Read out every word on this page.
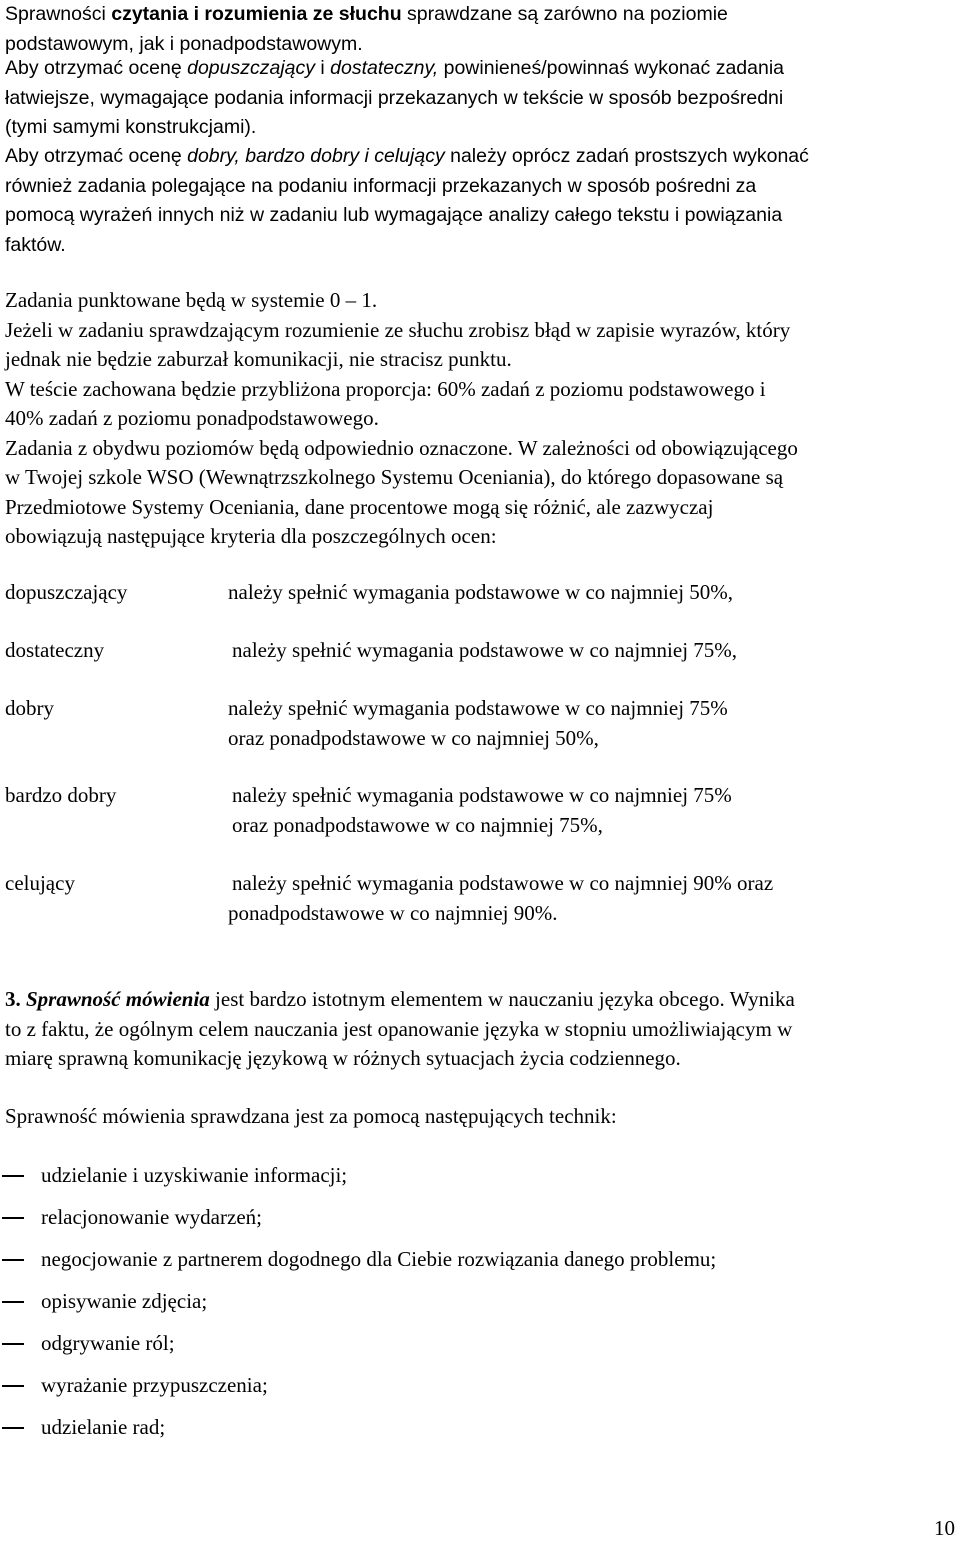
Sprawności czytania i rozumienia ze słuchu sprawdzane są zarówno na poziomie
podstawowym, jak i ponadpodstawowym.
Aby otrzymać ocenę dopuszczający i dostateczny, powinieneś/powinnaś wykonać zadania
łatwiejsze, wymagające podania informacji przekazanych w tekście w sposób bezpośredni
(tymi samymi konstrukcjami).
Aby otrzymać ocenę dobry, bardzo dobry i celujący należy oprócz zadań prostszych wykonać
również zadania polegające na podaniu informacji przekazanych w sposób pośredni za
pomocą wyrażeń innych niż w zadaniu lub wymagające analizy całego tekstu i powiązania
faktów.
Zadania punktowane będą w systemie 0 – 1.
Jeżeli w zadaniu sprawdzającym rozumienie ze słuchu zrobisz błąd w zapisie wyrazów, który
jednak nie będzie zaburzał komunikacji, nie stracisz punktu.
W teście zachowana będzie przybliżona proporcja: 60% zadań z poziomu podstawowego i
40% zadań z poziomu ponadpodstawowego.
Zadania z obydwu poziomów będą odpowiednio oznaczone. W zależności od obowiązującego
w Twojej szkole WSO (Wewnątrzszkolnego Systemu Oceniania), do którego dopasowane są
Przedmiotowe Systemy Oceniania, dane procentowe mogą się różnić, ale zazwyczaj
obowiązują następujące kryteria dla poszczególnych ocen:
dopuszczający	należy spełnić wymagania podstawowe w co najmniej 50%,
dostateczny	należy spełnić wymagania podstawowe w co najmniej 75%,
dobry	należy spełnić wymagania podstawowe w co najmniej 75%
oraz ponadpodstawowe w co najmniej 50%,
bardzo dobry	należy spełnić wymagania podstawowe w co najmniej 75%
oraz ponadpodstawowe w co najmniej 75%,
celujący	należy spełnić wymagania podstawowe w co najmniej 90% oraz
ponadpodstawowe w co najmniej 90%.
3. Sprawność mówienia jest bardzo istotnym elementem w nauczaniu języka obcego. Wynika
to z faktu, że ogólnym celem nauczania jest opanowanie języka w stopniu umożliwiającym w
miarę sprawną komunikację językową w różnych sytuacjach życia codziennego.
Sprawność mówienia sprawdzana jest za pomocą następujących technik:
udzielanie i uzyskiwanie informacji;
relacjonowanie wydarzeń;
negocjowanie z partnerem dogodnego dla Ciebie rozwiązania danego problemu;
opisywanie zdjęcia;
odgrywanie ról;
wyrażanie przypuszczenia;
udzielanie rad;
10
